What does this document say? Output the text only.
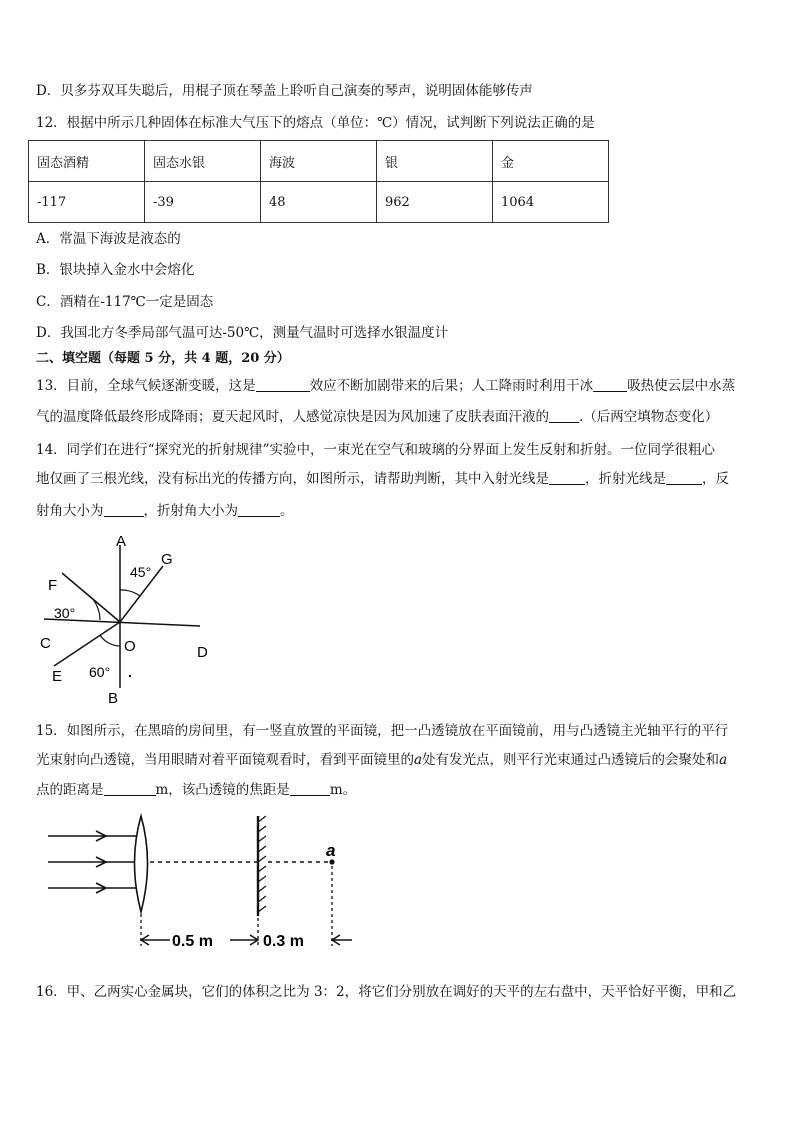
D．贝多芬双耳失聪后，用棍子顶在琴盖上聆听自己演奏的琴声，说明固体能够传声
12．根据中所示几种固体在标准大气压下的熔点（单位：℃）情况，试判断下列说法正确的是
固态酒精	固态水银	海波	银	金
-117	-39	48	962	1064
A．常温下海波是液态的
B．银块掉入金水中会熔化
C．酒精在-117℃一定是固态
D．我国北方冬季局部气温可达-50℃，测量气温时可选择水银温度计
二、填空题（每题 5 分，共 4 题，20 分）
13．目前，全球气候逐渐变暖，这是	效应不断加剧带来的后果；人工降雨时利用干冰	吸热使云层中水蒸
气的温度降低最终形成降雨；夏天起风时，人感觉凉快是因为风加速了皮肤表面汗液的 .（后两空填物态变化）
14．同学们在进行“探究光的折射规律”实验中，一束光在空气和玻璃的分界面上发生反射和折射。一位同学很粗心
地仅画了三根光线，没有标出光的传播方向，如图所示，请帮助判断，其中入射光线是	，折射光线是	，反
射角大小为	，折射角大小为	。
A
G
45°
F
30°
C	O	D
E 60°
B
15．如图所示，在黑暗的房间里，有一竖直放置的平面镜，把一凸透镜放在平面镜前，用与凸透镜主光轴平行的平行
光束射向凸透镜，当用眼睛对着平面镜观看时，看到平面镜里的a处有发光点，则平行光束通过凸透镜后的会聚处和a
点的距离是	m，该凸透镜的焦距是	m。
a
0.5 m	0.3 m
16．甲、乙两实心金属块，它们的体积之比为 3：2，将它们分别放在调好的天平的左右盘中，天平恰好平衡，甲和乙
